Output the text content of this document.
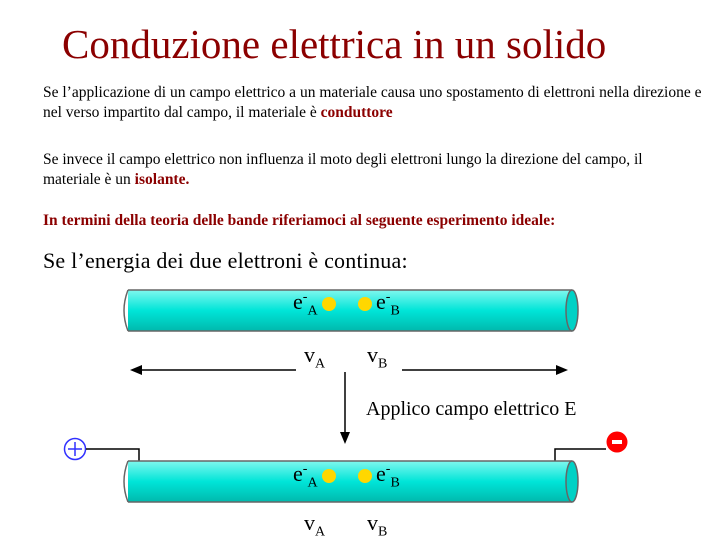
Conduzione elettrica in un solido
Se l’applicazione di un campo elettrico a un materiale causa uno spostamento di elettroni nella direzione e nel verso impartito dal campo, il materiale è conduttore
Se invece il campo elettrico non influenza il moto degli elettroni lungo la direzione del campo, il materiale è un isolante.
In termini della teoria delle bande riferiamoci al seguente esperimento ideale:
Se l’energia dei due elettroni è continua:
$e^-_A$	$e^-_B$
$v_A$ $v_B$
Applico campo elettrico E
$e^-_A$	$e^-_B$
$v_A$ $v_B$
